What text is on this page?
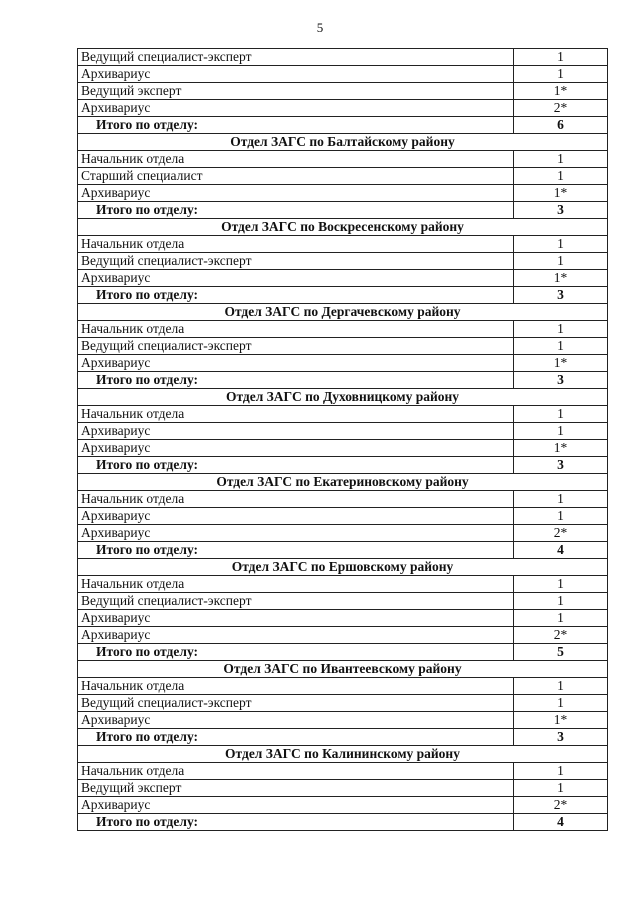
5
Ведущий специалист-эксперт	1
Архивариус	1
Ведущий эксперт	1*
Архивариус	2*
Итого по отделу:	6
Отдел ЗАГС по Балтайскому району	
Начальник отдела	1
Старший специалист	1
Архивариус	1*
Итого по отделу:	3
Отдел ЗАГС по Воскресенскому району	
Начальник отдела	1
Ведущий специалист-эксперт	1
Архивариус	1*
Итого по отделу:	3
Отдел ЗАГС по Дергачевскому району	
Начальник отдела	1
Ведущий специалист-эксперт	1
Архивариус	1*
Итого по отделу:	3
Отдел ЗАГС по Духовницкому району	
Начальник отдела	1
Архивариус	1
Архивариус	1*
Итого по отделу:	3
Отдел ЗАГС по Екатериновскому району	
Начальник отдела	1
Архивариус	1
Архивариус	2*
Итого по отделу:	4
Отдел ЗАГС по Ершовскому району	
Начальник отдела	1
Ведущий специалист-эксперт	1
Архивариус	1
Архивариус	2*
Итого по отделу:	5
Отдел ЗАГС по Ивантеевскому району	
Начальник отдела	1
Ведущий специалист-эксперт	1
Архивариус	1*
Итого по отделу:	3
Отдел ЗАГС по Калининскому району	
Начальник отдела	1
Ведущий эксперт	1
Архивариус	2*
Итого по отделу:	4
